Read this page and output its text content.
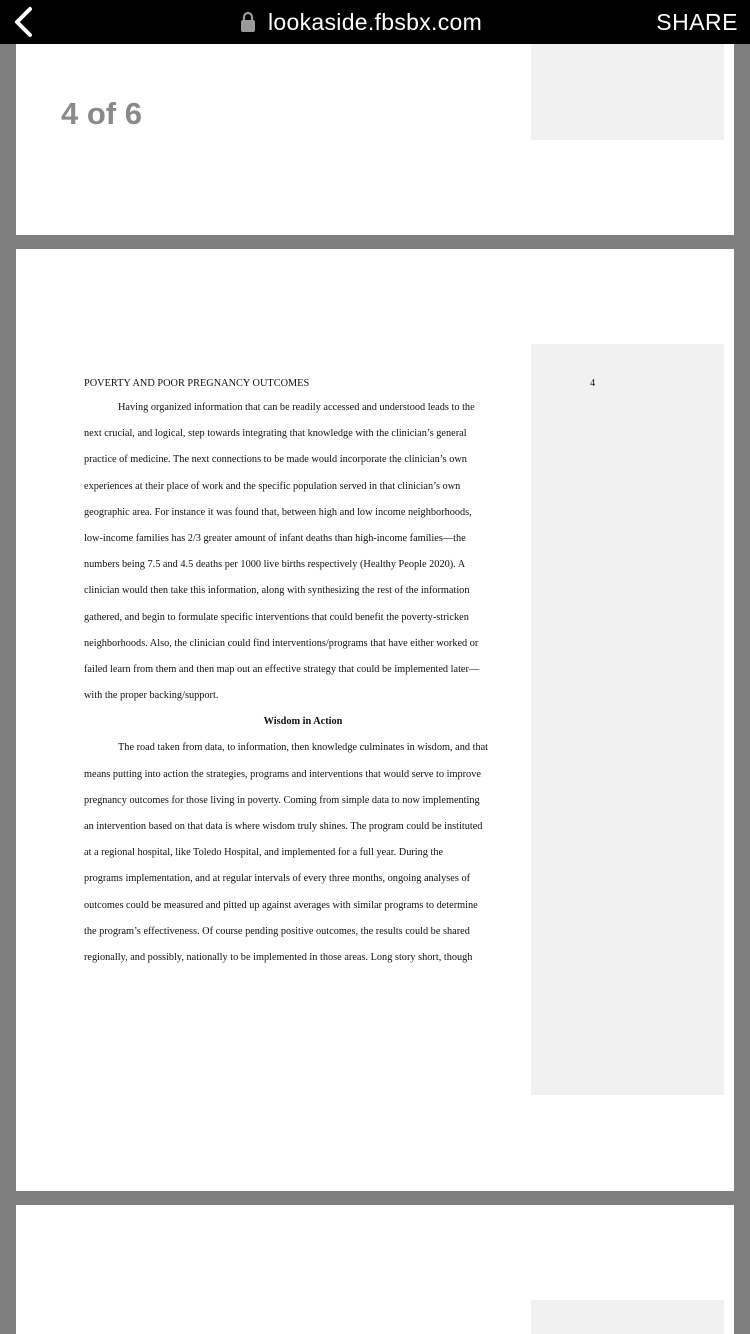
lookaside.fbsbx.com	SHARE
4 of 6
POVERTY AND POOR PREGNANCY OUTCOMES	4
Having organized information that can be readily accessed and understood leads to the
next crucial, and logical, step towards integrating that knowledge with the clinician’s general
practice of medicine. The next connections to be made would incorporate the clinician’s own
experiences at their place of work and the specific population served in that clinician’s own
geographic area. For instance it was found that, between high and low income neighborhoods,
low-income families has 2/3 greater amount of infant deaths than high-income families—the
numbers being 7.5 and 4.5 deaths per 1000 live births respectively (Healthy People 2020). A
clinician would then take this information, along with synthesizing the rest of the information
gathered, and begin to formulate specific interventions that could benefit the poverty-stricken
neighborhoods. Also, the clinician could find interventions/programs that have either worked or
failed learn from them and then map out an effective strategy that could be implemented later—
with the proper backing/support.
Wisdom in Action
The road taken from data, to information, then knowledge culminates in wisdom, and that
means putting into action the strategies, programs and interventions that would serve to improve
pregnancy outcomes for those living in poverty. Coming from simple data to now implementing
an intervention based on that data is where wisdom truly shines. The program could be instituted
at a regional hospital, like Toledo Hospital, and implemented for a full year. During the
programs implementation, and at regular intervals of every three months, ongoing analyses of
outcomes could be measured and pitted up against averages with similar programs to determine
the program’s effectiveness. Of course pending positive outcomes, the results could be shared
regionally, and possibly, nationally to be implemented in those areas. Long story short, though
